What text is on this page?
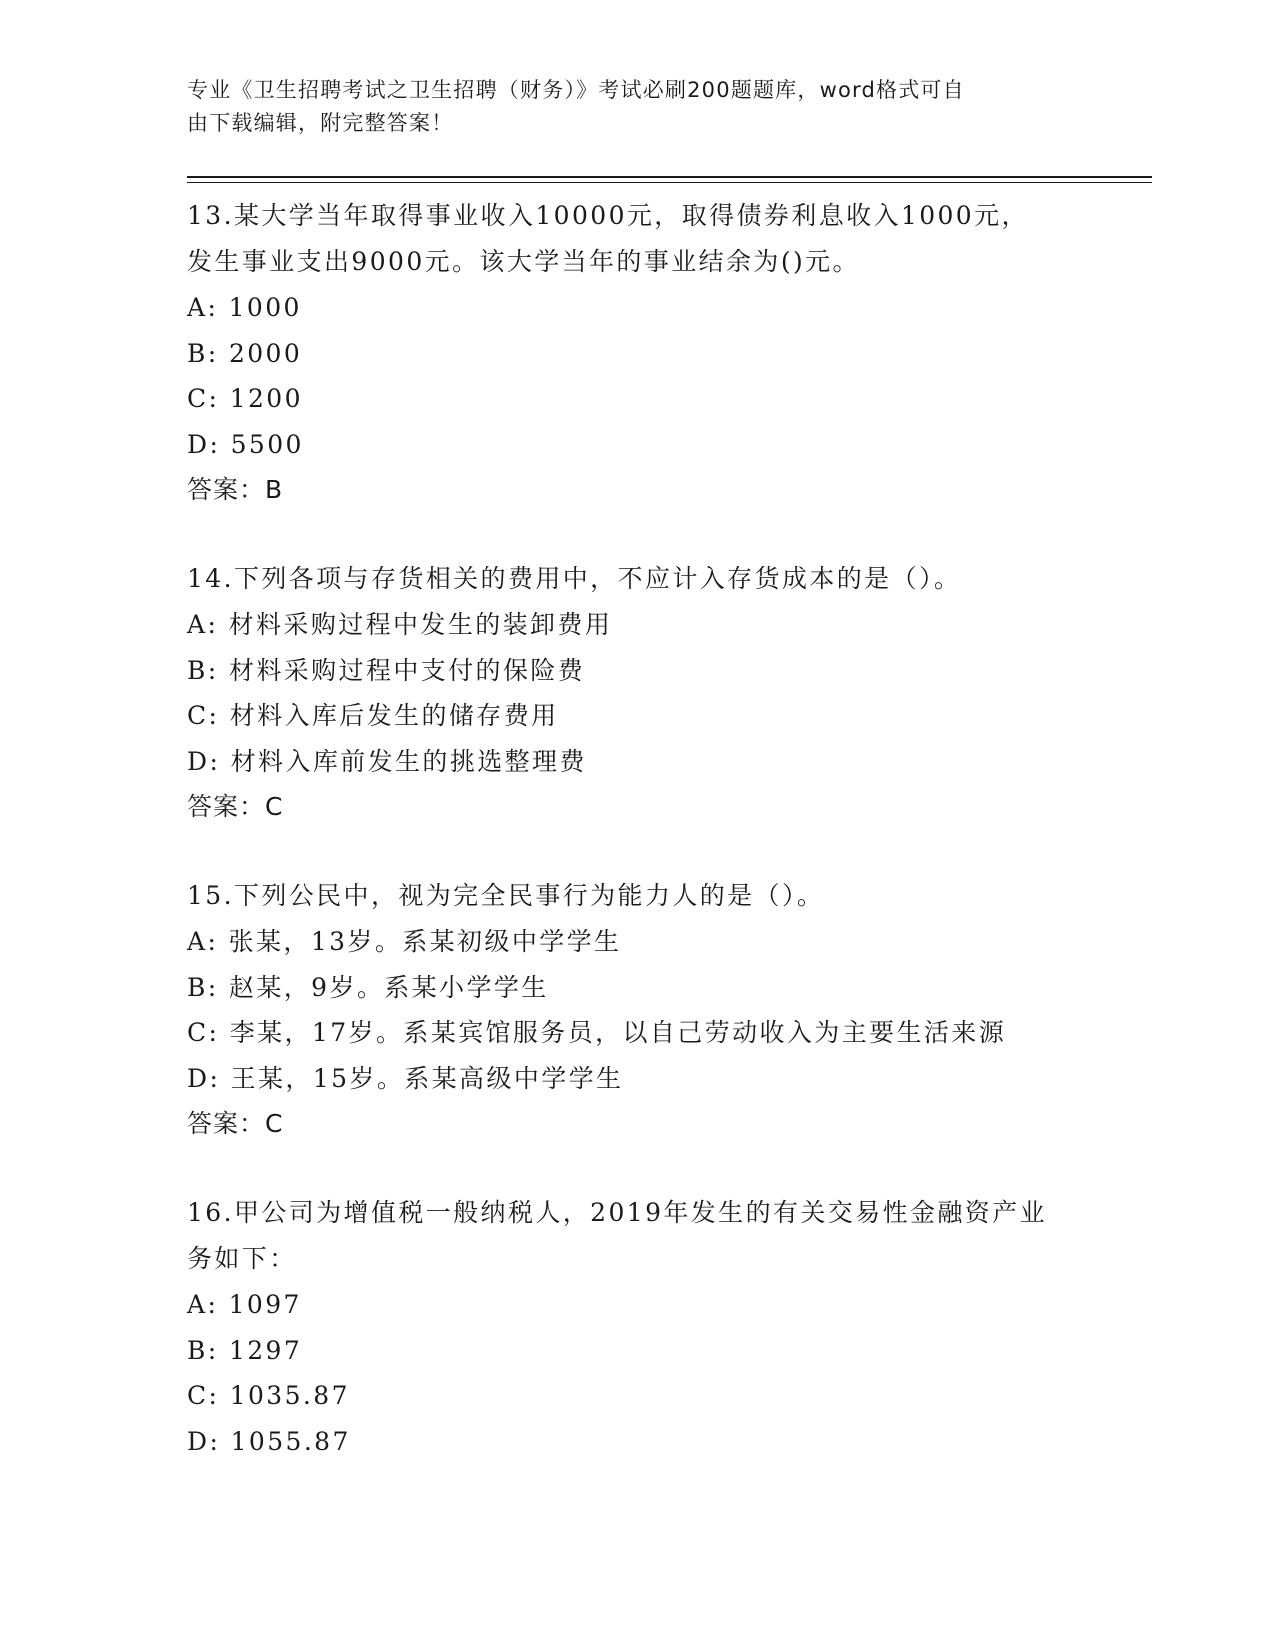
专业《卫生招聘考试之卫生招聘（财务）》考试必刷200题题库，word格式可自
由下载编辑，附完整答案！

13.某大学当年取得事业收入10000元，取得债券利息收入1000元，

发生事业支出9000元。该大学当年的事业结余为()元。

A: 1000

B: 2000

C: 1200

D: 5500

答案：B

14.下列各项与存货相关的费用中，不应计入存货成本的是（）。

A: 材料采购过程中发生的装卸费用

B: 材料采购过程中支付的保险费

C: 材料入库后发生的储存费用

D: 材料入库前发生的挑选整理费

答案：C

15.下列公民中，视为完全民事行为能力人的是（）。

A: 张某，13岁。系某初级中学学生

B: 赵某，9岁。系某小学学生

C: 李某，17岁。系某宾馆服务员，以自己劳动收入为主要生活来源

D: 王某，15岁。系某高级中学学生

答案：C

16.甲公司为增值税一般纳税人，2019年发生的有关交易性金融资产业

务如下：

A: 1097

B: 1297

C: 1035.87

D: 1055.87
